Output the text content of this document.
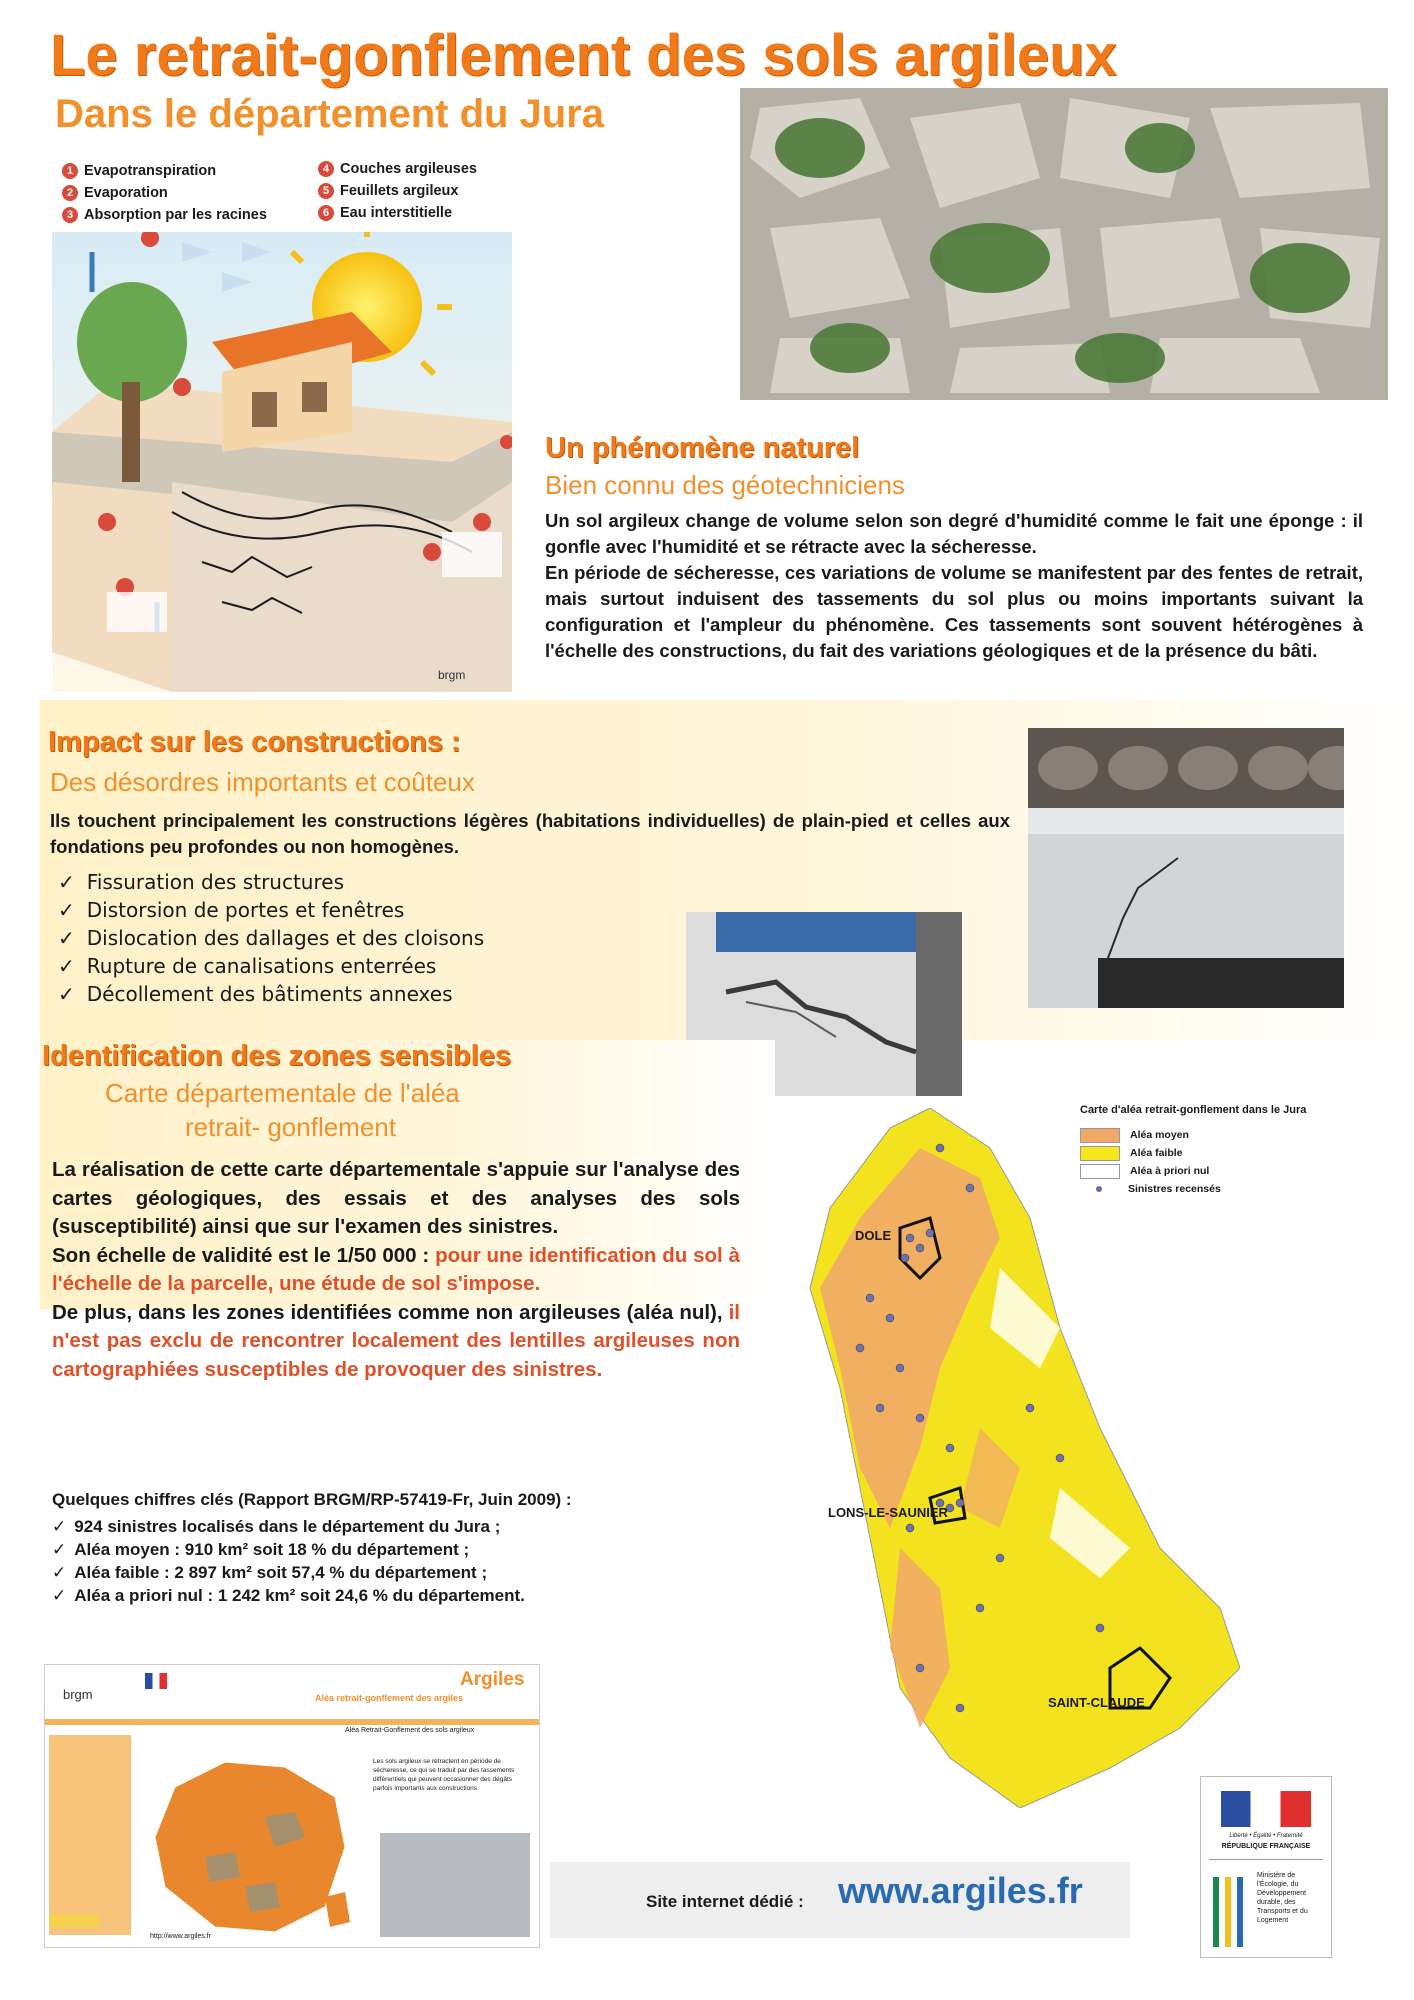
Le retrait-gonflement des sols argileux
Dans le département du Jura
1 Evapotranspiration
2 Evaporation
3 Absorption par les racines
4 Couches argileuses
5 Feuillets argileux
6 Eau interstitielle
brgm
Un phénomène naturel
Bien connu des géotechniciens

Un sol argileux change de volume selon son degré d'humidité comme le fait une éponge : il gonfle avec l'humidité et se rétracte avec la sécheresse.

En période de sécheresse, ces variations de volume se manifestent par des fentes de retrait, mais surtout induisent des tassements du sol plus ou moins importants suivant la configuration et l'ampleur du phénomène. Ces tassements sont souvent hétérogènes à l'échelle des constructions, du fait des variations géologiques et de la présence du bâti.

Impact sur les constructions :
Des désordres importants et coûteux
Ils touchent principalement les constructions légères (habitations individuelles) de plain-pied et celles aux fondations peu profondes ou non homogènes.
✓ Fissuration des structures
✓ Distorsion de portes et fenêtres
✓ Dislocation des dallages et des cloisons
✓ Rupture de canalisations enterrées
✓ Décollement des bâtiments annexes
Identification des zones sensibles
Carte départementale de l'aléa
retrait- gonflement

La réalisation de cette carte départementale s'appuie sur l'analyse des cartes géologiques, des essais et des analyses des sols (susceptibilité) ainsi que sur l'examen des sinistres.

Son échelle de validité est le 1/50 000 : pour une identification du sol à l'échelle de la parcelle, une étude de sol s'impose.

De plus, dans les zones identifiées comme non argileuses (aléa nul), il n'est pas exclu de rencontrer localement des lentilles argileuses non cartographiées susceptibles de provoquer des sinistres.

Quelques chiffres clés (Rapport BRGM/RP-57419-Fr, Juin 2009) :
✓ 924 sinistres localisés dans le département du Jura ;
✓ Aléa moyen : 910 km² soit 18 % du département ;
✓ Aléa faible : 2 897 km² soit 57,4 % du département ;
✓ Aléa a priori nul : 1 242 km² soit 24,6 % du département.
DOLE
LONS-LE-SAUNIER
SAINT-CLAUDE
Carte d'aléa retrait-gonflement dans le Jura
Aléa moyen
Aléa faible
Aléa à priori nul
Sinistres recensés
brgm
Argiles
Aléa retrait-gonflement des argiles
Aléa Retrait-Gonflement des sols argileux
Les sols argileux se rétractent en période de sécheresse, ce qui se traduit par des tassements différentiels qui peuvent occasionner des dégâts parfois importants aux constructions
http://www.argiles.fr
Site internet dédié : www.argiles.fr
Liberté • Égalité • Fraternité
RÉPUBLIQUE FRANÇAISE
Ministère de l'Écologie, du Développement durable, des Transports et du Logement
